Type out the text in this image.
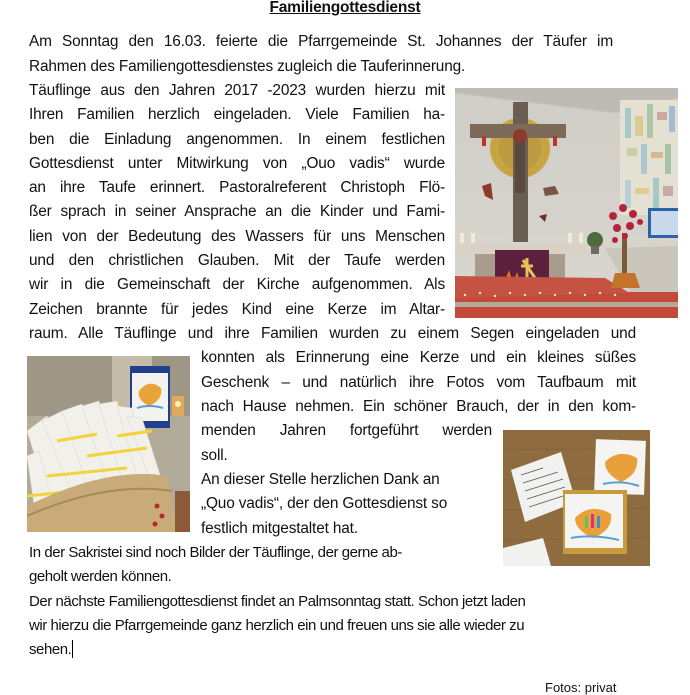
Familiengottesdienst
Am Sonntag den 16.03. feierte die Pfarrgemeinde St. Johannes der Täufer im
Rahmen des Familiengottesdienstes zugleich die Tauferinnerung.
Täuflinge aus den Jahren 2017 -2023 wurden hierzu mit
Ihren Familien herzlich eingeladen. Viele Familien ha-
ben die Einladung angenommen. In einem festlichen
Gottesdienst unter Mitwirkung von „Ouo vadis“ wurde
an ihre Taufe erinnert. Pastoralreferent Christoph Flö-
ßer sprach in seiner Ansprache an die Kinder und Fami-
lien von der Bedeutung des Wassers für uns Menschen
und den christlichen Glauben. Mit der Taufe werden
wir in die Gemeinschaft der Kirche aufgenommen. Als
Zeichen brannte für jedes Kind eine Kerze im Altar-
raum. Alle Täuflinge und ihre Familien wurden zu einem Segen eingeladen und
konnten als Erinnerung eine Kerze und ein kleines süßes
Geschenk – und natürlich ihre Fotos vom Taufbaum mit
nach Hause nehmen. Ein schöner Brauch, der in den kom-
menden Jahren fortgeführt werden
soll.
An dieser Stelle herzlichen Dank an
„Quo vadis“, der den Gottesdienst so
festlich mitgestaltet hat.
In der Sakristei sind noch Bilder der Täuflinge, der gerne ab-
geholt werden können.
Der nächste Familiengottesdienst findet an Palmsonntag statt. Schon jetzt laden
wir hierzu die Pfarrgemeinde ganz herzlich ein und freuen uns sie alle wieder zu
sehen.
Fotos: privat
